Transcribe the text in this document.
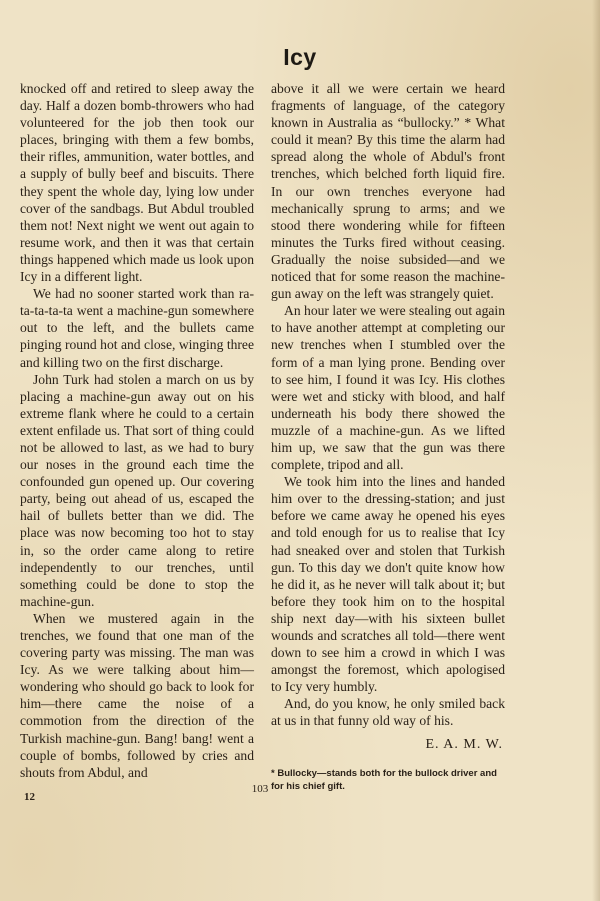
Icy

knocked off and retired to sleep away the day. Half a dozen bomb-throwers who had volunteered for the job then took our places, bringing with them a few bombs, their rifles, ammunition, water bottles, and a supply of bully beef and biscuits. There they spent the whole day, lying low under cover of the sandbags. But Abdul troubled them not! Next night we went out again to resume work, and then it was that certain things happened which made us look upon Icy in a different light.

We had no sooner started work than ra-ta-ta-ta-ta went a machine-gun somewhere out to the left, and the bullets came pinging round hot and close, winging three and killing two on the first discharge.

John Turk had stolen a march on us by placing a machine-gun away out on his extreme flank where he could to a certain extent enfilade us. That sort of thing could not be allowed to last, as we had to bury our noses in the ground each time the confounded gun opened up. Our covering party, being out ahead of us, escaped the hail of bullets better than we did. The place was now becoming too hot to stay in, so the order came along to retire independently to our trenches, until something could be done to stop the machine-gun.

When we mustered again in the trenches, we found that one man of the covering party was missing. The man was Icy. As we were talking about him—wondering who should go back to look for him—there came the noise of a commotion from the direction of the Turkish machine-gun. Bang! bang! went a couple of bombs, followed by cries and shouts from Abdul, and

above it all we were certain we heard fragments of language, of the category known in Australia as “bullocky.” * What could it mean? By this time the alarm had spread along the whole of Abdul's front trenches, which belched forth liquid fire. In our own trenches everyone had mechanically sprung to arms; and we stood there wondering while for fifteen minutes the Turks fired without ceasing. Gradually the noise subsided—and we noticed that for some reason the machine-gun away on the left was strangely quiet.

An hour later we were stealing out again to have another attempt at completing our new trenches when I stumbled over the form of a man lying prone. Bending over to see him, I found it was Icy. His clothes were wet and sticky with blood, and half underneath his body there showed the muzzle of a machine-gun. As we lifted him up, we saw that the gun was there complete, tripod and all.

We took him into the lines and handed him over to the dressing-station; and just before we came away he opened his eyes and told enough for us to realise that Icy had sneaked over and stolen that Turkish gun. To this day we don't quite know how he did it, as he never will talk about it; but before they took him on to the hospital ship next day—with his sixteen bullet wounds and scratches all told—there went down to see him a crowd in which I was amongst the foremost, which apologised to Icy very humbly.

And, do you know, he only smiled back at us in that funny old way of his.

E. A. M. W.
* Bullocky—stands both for the bullock driver and for his chief gift.
12
103
